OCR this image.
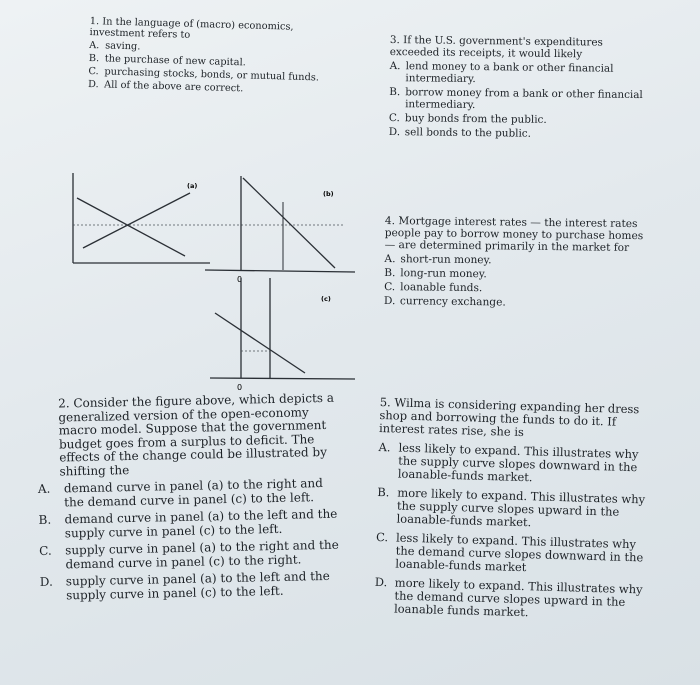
1. In the language of (macro) economics, investment refers to
A. saving.
B. the purchase of new capital.
C. purchasing stocks, bonds, or mutual funds.
D. All of the above are correct.
3. If the U.S. government's expenditures exceeded its receipts, it would likely
A. lend money to a bank or other financial intermediary.
B. borrow money from a bank or other financial intermediary.
C. buy bonds from the public.
D. sell bonds to the public.
(a)
(b)
0
(c)
0
4. Mortgage interest rates — the interest rates people pay to borrow money to purchase homes — are determined primarily in the market for
A. short-run money.
B. long-run money.
C. loanable funds.
D. currency exchange.
2. Consider the figure above, which depicts a generalized version of the open-economy macro model. Suppose that the government budget goes from a surplus to deficit. The effects of the change could be illustrated by shifting the
A.	demand curve in panel (a) to the right and the demand curve in panel (c) to the left.
B.	demand curve in panel (a) to the left and the supply curve in panel (c) to the left.
C.	supply curve in panel (a) to the right and the demand curve in panel (c) to the right.
D.	supply curve in panel (a) to the left and the supply curve in panel (c) to the left.
5. Wilma is considering expanding her dress shop and borrowing the funds to do it. If interest rates rise, she is
A. less likely to expand. This illustrates why the supply curve slopes downward in the loanable-funds market.
B. more likely to expand. This illustrates why the supply curve slopes upward in the loanable-funds market.
C. less likely to expand. This illustrates why the demand curve slopes downward in the loanable-funds market
D. more likely to expand. This illustrates why the demand curve slopes upward in the loanable funds market.
